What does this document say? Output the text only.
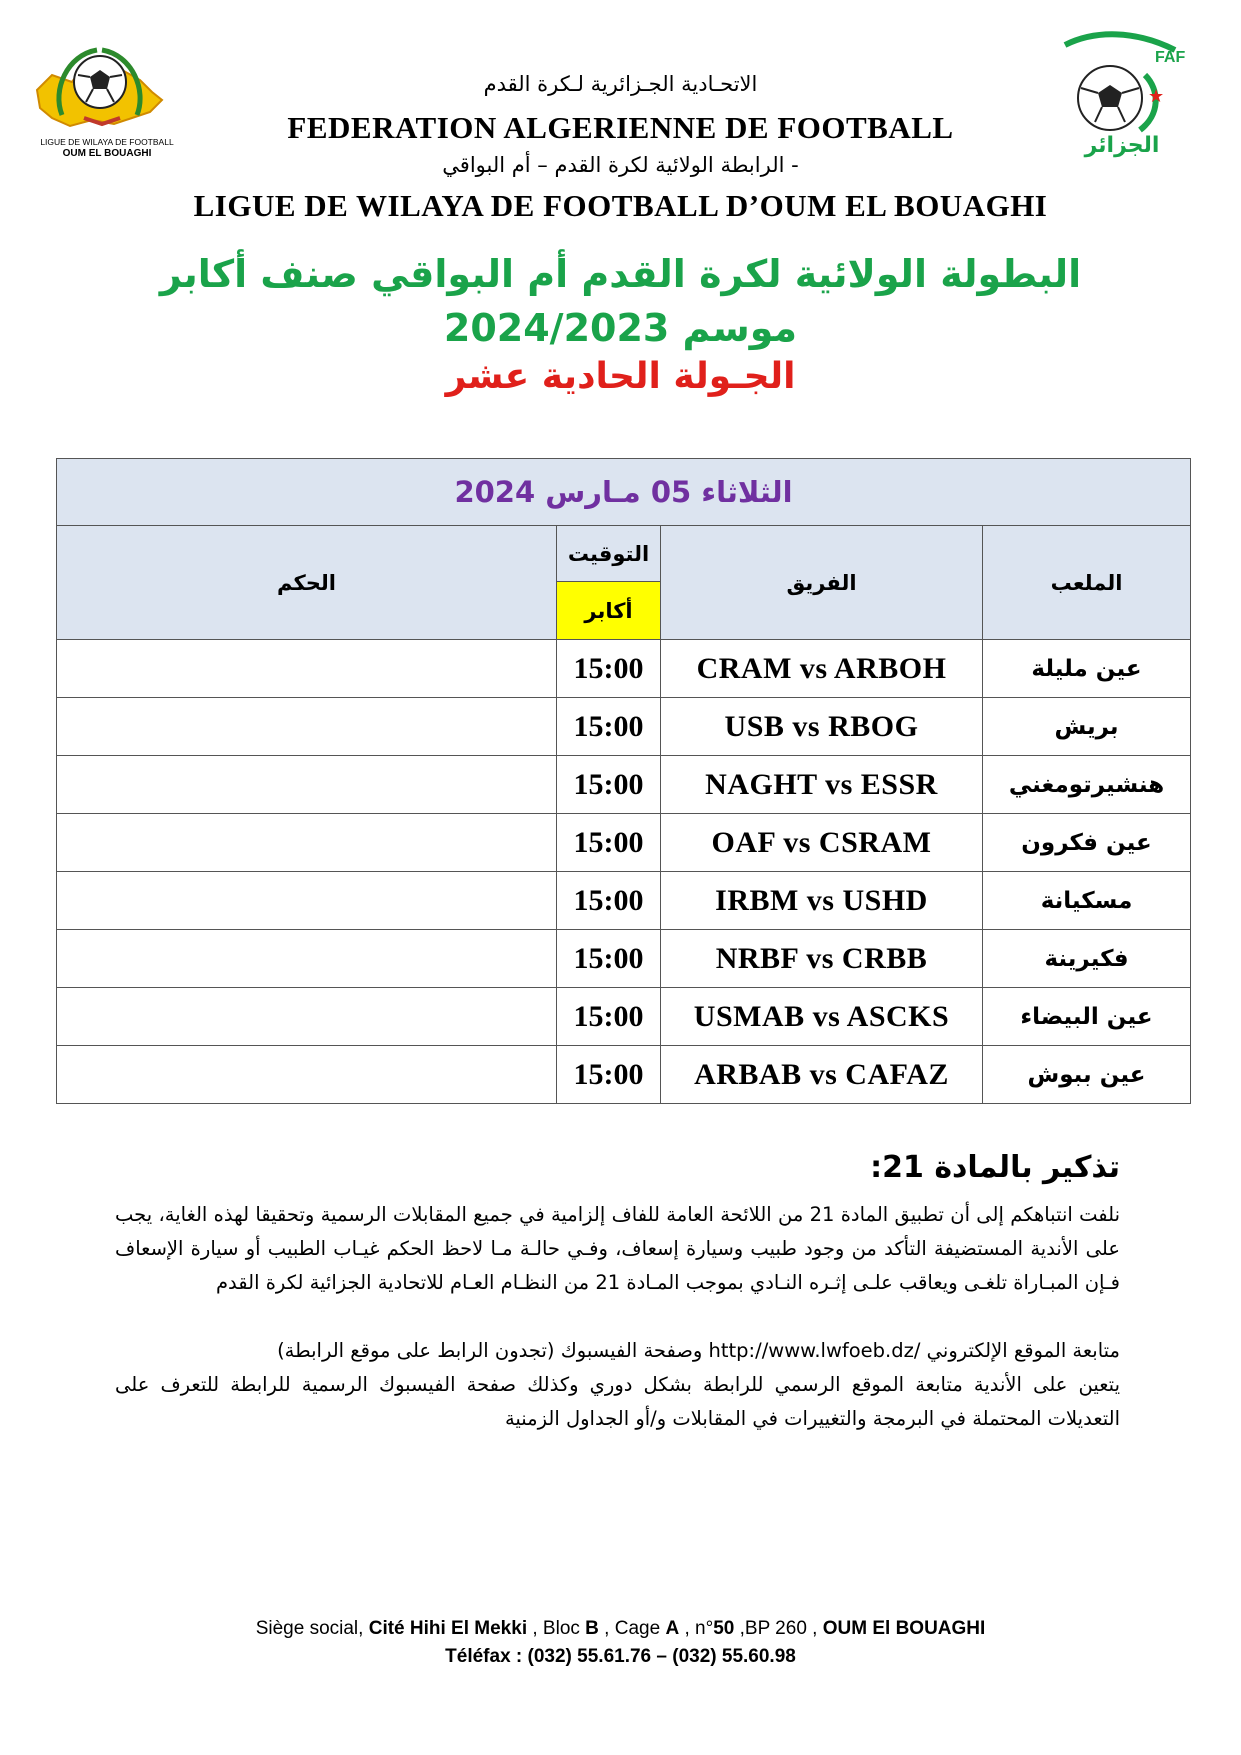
LIGUE DE WILAYA DE FOOTBALL
OUM EL BOUAGHI
FAF
★
الجزائر
الاتحـادية الجـزائرية لـكرة القدم
FEDERATION ALGERIENNE DE FOOTBALL
الرابطة الولائية لكرة القدم – أم البواقي -
LIGUE DE WILAYA DE FOOTBALL D’OUM EL BOUAGHI
البطولة الولائية لكرة القدم أم البواقي صنف أكابر
موسم 2024/2023
الجـولة الحادية عشر
الثلاثاء 05 مـارس 2024			
الحكم	التوقيت	الفريق	الملعب
	أكابر		
	15:00	CRAM vs ARBOH	عين مليلة
	15:00	USB vs RBOG	بريش
	15:00	NAGHT vs ESSR	هنشيرتومغني
	15:00	OAF vs CSRAM	عين فكرون
	15:00	IRBM vs USHD	مسكيانة
	15:00	NRBF vs CRBB	فكيرينة
	15:00	USMAB vs ASCKS	عين البيضاء
	15:00	ARBAB vs CAFAZ	عين ببوش
تذكير بالمادة 21:
نلفت انتباهكم إلى أن تطبيق المادة 21 من اللائحة العامة للفاف إلزامية في جميع المقابلات الرسمية وتحقيقا لهذه الغاية، يجب على الأندية المستضيفة التأكد من وجود طبيب وسيارة إسعاف، وفـي حالـة مـا لاحظ الحكم غيـاب الطبيب أو سيارة الإسعاف فـإن المبـاراة تلغـى ويعاقب علـى إثـره النـادي بموجب المـادة 21 من النظـام العـام للاتحادية الجزائية لكرة القدم
متابعة الموقع الإلكتروني /http://www.lwfoeb.dz وصفحة الفيسبوك (تجدون الرابط على موقع الرابطة)
يتعين على الأندية متابعة الموقع الرسمي للرابطة بشكل دوري وكذلك صفحة الفيسبوك الرسمية للرابطة للتعرف على التعديلات المحتملة في البرمجة والتغييرات في المقابلات و/أو الجداول الزمنية
Siège social, Cité Hihi El Mekki , Bloc B , Cage A , n°50 ,BP 260 , OUM El BOUAGHI
Téléfax : (032) 55.61.76 – (032) 55.60.98
